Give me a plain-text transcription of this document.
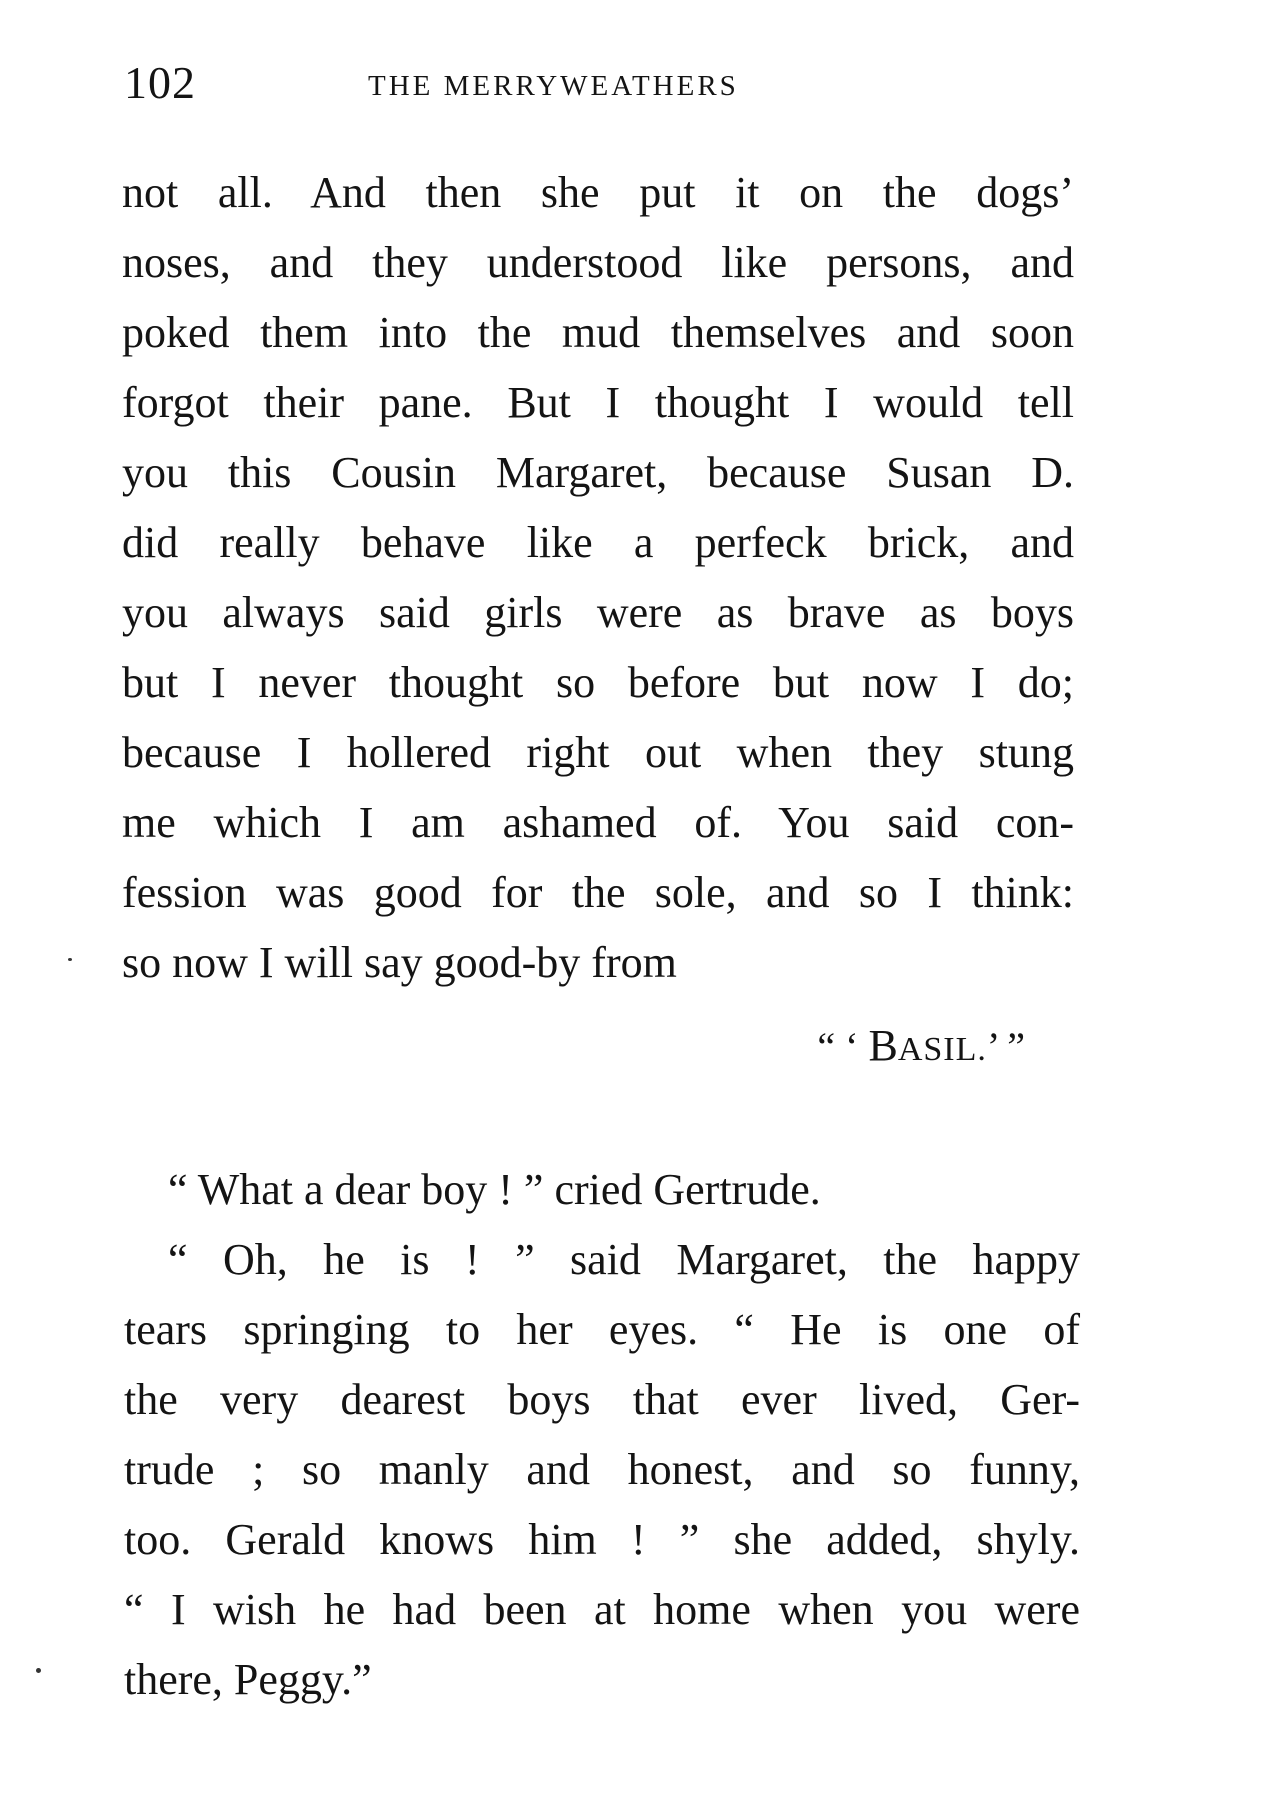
102	THE MERRYWEATHERS
not all. And then she put it on the dogs’
noses, and they understood like persons, and
poked them into the mud themselves and soon
forgot their pane. But I thought I would tell
you this Cousin Margaret, because Susan D.
did really behave like a perfeck brick, and
you always said girls were as brave as boys
but I never thought so before but now I do;
because I hollered right out when they stung
me which I am ashamed of. You said con-
fession was good for the sole, and so I think:
so now I will say good-by from
“ ‘ BASIL.’ ”
“ What a dear boy ! ” cried Gertrude.
“ Oh, he is ! ” said Margaret, the happy
tears springing to her eyes. “ He is one of
the very dearest boys that ever lived, Ger-
trude ; so manly and honest, and so funny,
too. Gerald knows him ! ” she added, shyly.
“ I wish he had been at home when you were
there, Peggy.”
